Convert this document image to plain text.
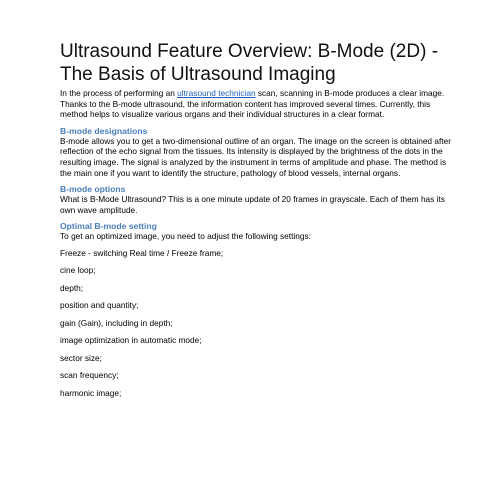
Ultrasound Feature Overview: B-Mode (2D) - The Basis of Ultrasound Imaging

In the process of performing an ultrasound technician scan, scanning in B-mode produces a clear image. Thanks to the B-mode ultrasound, the information content has improved several times. Currently, this method helps to visualize various organs and their individual structures in a clear format.

B-mode designations

B-mode allows you to get a two-dimensional outline of an organ. The image on the screen is obtained after reflection of the echo signal from the tissues. Its intensity is displayed by the brightness of the dots in the resulting image. The signal is analyzed by the instrument in terms of amplitude and phase. The method is the main one if you want to identify the structure, pathology of blood vessels, internal organs.

B-mode options

What is B-Mode Ultrasound? This is a one minute update of 20 frames in grayscale. Each of them has its own wave amplitude.

Optimal B-mode setting

To get an optimized image, you need to adjust the following settings:

Freeze - switching Real time / Freeze frame;
cine loop;
depth;
position and quantity;
gain (Gain), including in depth;
image optimization in automatic mode;
sector size;
scan frequency;
harmonic image;
